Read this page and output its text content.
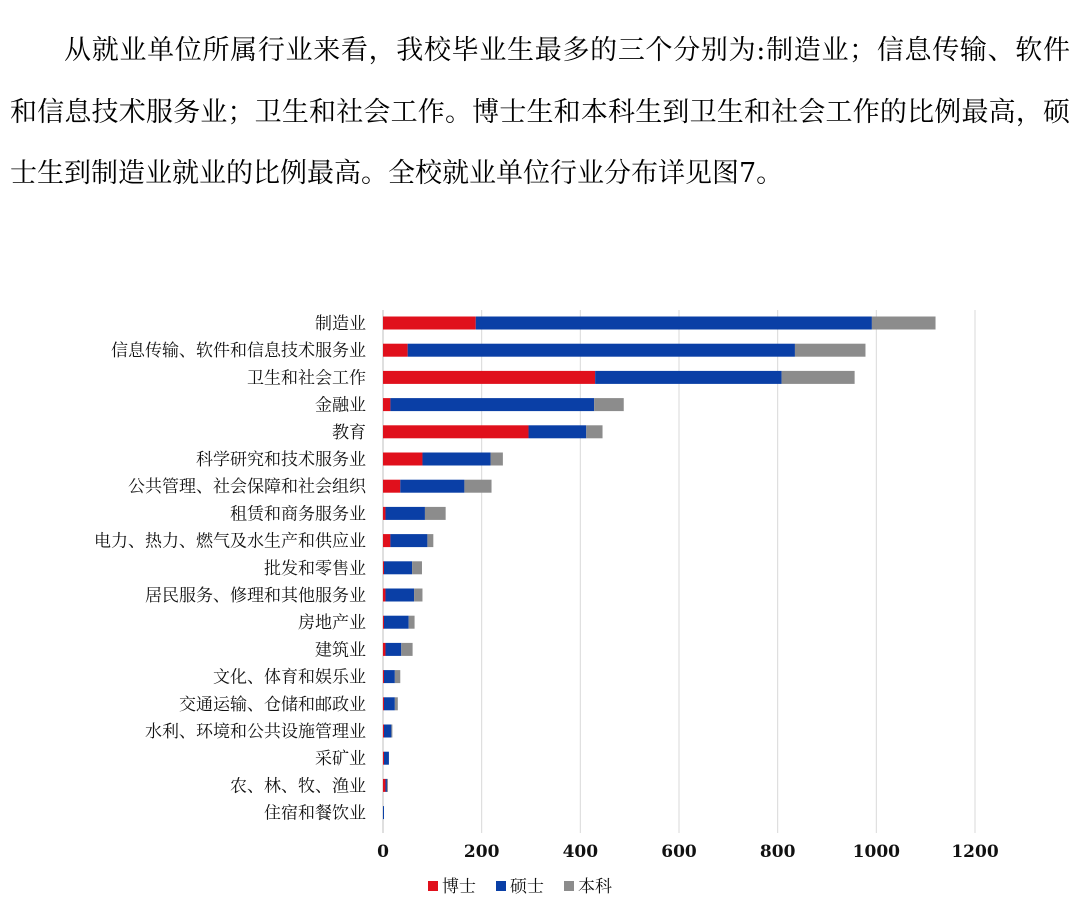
从就业单位所属行业来看，我校毕业生最多的三个分别为:制造业；信息传输、软件和信息技术服务业；卫生和社会工作。博士生和本科生到卫生和社会工作的比例最高，硕士生到制造业就业的比例最高。全校就业单位行业分布详见图7。

制造业
信息传输、软件和信息技术服务业
卫生和社会工作
金融业
教育
科学研究和技术服务业
公共管理、社会保障和社会组织
租赁和商务服务业
电力、热力、燃气及水生产和供应业
批发和零售业
居民服务、修理和其他服务业
房地产业
建筑业
文化、体育和娱乐业
交通运输、仓储和邮政业
水利、环境和公共设施管理业
采矿业
农、林、牧、渔业
住宿和餐饮业
0	200	400	600	800	1000	1200
博士 硕士 本科
